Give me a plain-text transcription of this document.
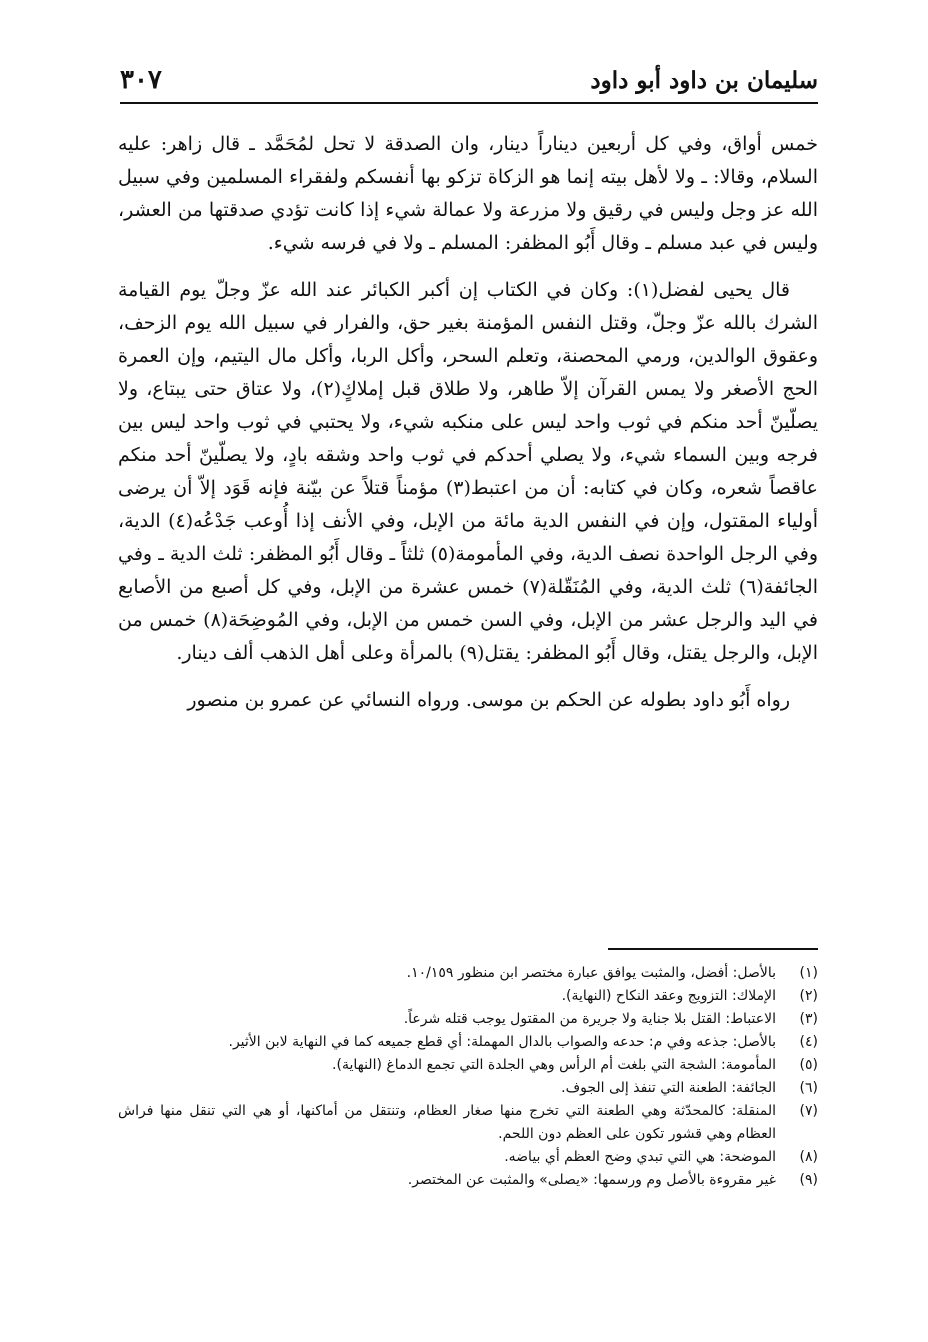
سليمان بن داود أبو داود
٣٠٧

خمس أواق، وفي كل أربعين ديناراً دينار، وان الصدقة لا تحل لمُحَمَّد ـ قال زاهر: عليه السلام، وقالا: ـ ولا لأهل بيته إنما هو الزكاة تزكو بها أنفسكم ولفقراء المسلمين وفي سبيل الله عز وجل وليس في رقيق ولا مزرعة ولا عمالة شيء إذا كانت تؤدي صدقتها من العشر، وليس في عبد مسلم ـ وقال أَبُو المظفر: المسلم ـ ولا في فرسه شيء.

قال يحيى لفضل(١): وكان في الكتاب إن أكبر الكبائر عند الله عزّ وجلّ يوم القيامة الشرك بالله عزّ وجلّ، وقتل النفس المؤمنة بغير حق، والفرار في سبيل الله يوم الزحف، وعقوق الوالدين، ورمي المحصنة، وتعلم السحر، وأكل الربا، وأكل مال اليتيم، وإن العمرة الحج الأصغر ولا يمس القرآن إلاّ طاهر، ولا طلاق قبل إملاكٍ(٢)، ولا عتاق حتى يبتاع، ولا يصلّينّ أحد منكم في ثوب واحد ليس على منكبه شيء، ولا يحتبي في ثوب واحد ليس بين فرجه وبين السماء شيء، ولا يصلي أحدكم في ثوب واحد وشقه بادٍ، ولا يصلّينّ أحد منكم عاقصاً شعره، وكان في كتابه: أن من اعتبط(٣) مؤمناً قتلاً عن بيّنة فإنه قَوَد إلاّ أن يرضى أولياء المقتول، وإن في النفس الدية مائة من الإبل، وفي الأنف إذا أُوعب جَدْعُه(٤) الدية، وفي الرجل الواحدة نصف الدية، وفي المأمومة(٥) ثلثاً ـ وقال أَبُو المظفر: ثلث الدية ـ وفي الجائفة(٦) ثلث الدية، وفي المُنَقّلة(٧) خمس عشرة من الإبل، وفي كل أصبع من الأصابع في اليد والرجل عشر من الإبل، وفي السن خمس من الإبل، وفي المُوضِحَة(٨) خمس من الإبل، والرجل يقتل، وقال أَبُو المظفر: يقتل(٩) بالمرأة وعلى أهل الذهب ألف دينار.

رواه أَبُو داود بطوله عن الحكم بن موسى. ورواه النسائي عن عمرو بن منصور

(١)
بالأصل: أفضل، والمثبت يوافق عبارة مختصر ابن منظور ١٠/١٥٩.
(٢)
الإملاك: التزويج وعقد النكاح (النهاية).
(٣)
الاعتباط: القتل بلا جناية ولا جريرة من المقتول يوجب قتله شرعاً.
(٤)
بالأصل: جذعه وفي م: حدعه والصواب بالدال المهملة: أي قطع جميعه كما في النهاية لابن الأثير.
(٥)
المأمومة: الشجة التي بلغت أم الرأس وهي الجلدة التي تجمع الدماغ (النهاية).
(٦)
الجائفة: الطعنة التي تنفذ إلى الجوف.
(٧)
المنقلة: كالمحدّثة وهي الطعنة التي تخرج منها صغار العظام، وتنتقل من أماكنها، أو هي التي تنقل منها فراش العظام وهي قشور تكون على العظم دون اللحم.
(٨)
الموضحة: هي التي تبدي وضح العظم أي بياضه.
(٩)
غير مقروءة بالأصل وم ورسمها: «يصلى» والمثبت عن المختصر.
